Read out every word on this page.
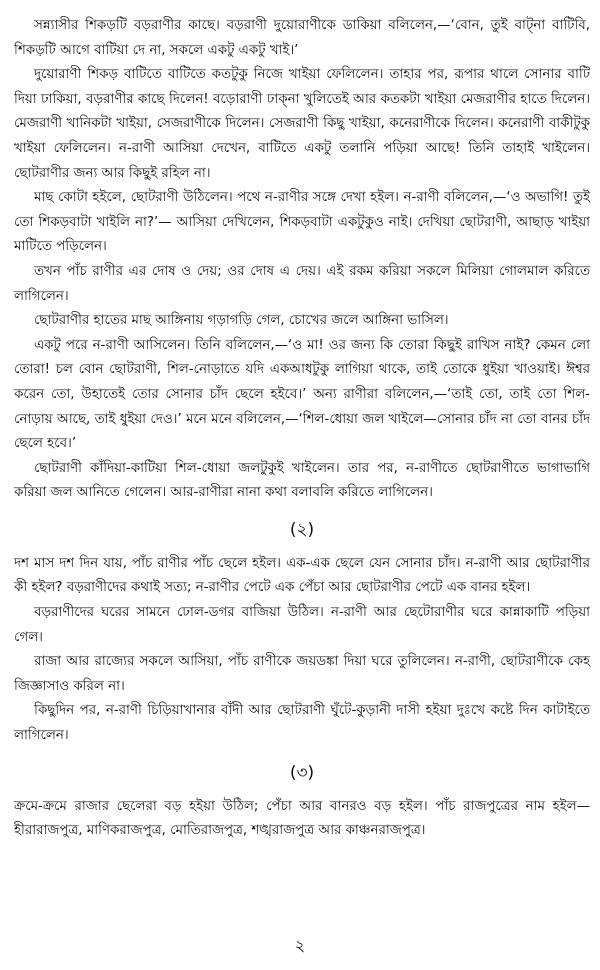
সন্ন্যাসীর শিকড়টি বড়রাণীর কাছে। বড়রাণী দুয়োরাণীকে ডাকিয়া বলিলেন,—‘বোন, তুই বাট্‌না বাটিবি, শিকড়টি আগে বাটিয়া দে না, সকলে একটু একটু খাই।’

দুয়োরাণী শিকড় বাটিতে বাটিতে কতটুকু নিজে খাইয়া ফেলিলেন। তাহার পর, রূপার থালে সোনার বাটি দিয়া ঢাকিয়া, বড়রাণীর কাছে দিলেন! বড়োরাণী ঢাক্‌না খুলিতেই আর কতকটা খাইয়া মেজরাণীর হাতে দিলেন। মেজরাণী খানিকটা খাইয়া, সেজরাণীকে দিলেন। সেজরাণী কিছু খাইয়া, কনেরাণীকে দিলেন। কনেরাণী বাকীটুকু খাইয়া ফেলিলেন। ন-রাণী আসিয়া দেখেন, বাটিতে একটু তলানি পড়িয়া আছে! তিনি তাহাই খাইলেন। ছোটরাণীর জন্য আর কিছুই রহিল না।

মাছ কোটা হইলে, ছোটরাণী উঠিলেন। পথে ন-রাণীর সঙ্গে দেখা হইল। ন-রাণী বলিলেন,—‘ও অভাগি! তুই তো শিকড়বাটা খাইলি না?’— আসিয়া দেখিলেন, শিকড়বাটা একটুকুও নাই। দেখিয়া ছোটরাণী, আছাড় খাইয়া মাটিতে পড়িলেন।

তখন পাঁচ রাণীর এর দোষ ও দেয়; ওর দোষ এ দেয়। এই রকম করিয়া সকলে মিলিয়া গোলমাল করিতে লাগিলেন।

ছোটরাণীর হাতের মাছ আঙ্গিনায় গড়াগড়ি গেল, চোখের জলে আঙ্গিনা ভাসিল।

একটু পরে ন-রাণী আসিলেন। তিনি বলিলেন,—‘ও মা! ওর জন্য কি তোরা কিছুই রাখিস নাই? কেমন লো তোরা! চল বোন ছোটরাণী, শিল-নোড়াতে যদি একআধটুকু লাগিয়া থাকে, তাই তোকে ধুইয়া খাওয়াই। ঈশ্বর করেন তো, উহাতেই তোর সোনার চাঁদ ছেলে হইবে।’ অন্য রাণীরা বলিলেন,—‘তাই তো, তাই তো শিল-নোড়ায় আছে, তাই ধুইয়া দেও।’ মনে মনে বলিলেন,—‘শিল-ধোয়া জল খাইলে—সোনার চাঁদ না তো বানর চাঁদ ছেলে হবে।’

ছোটরাণী কাঁদিয়া-কাটিয়া শিল-ধোয়া জলটুকুই খাইলেন। তার পর, ন-রাণীতে ছোটরাণীতে ভাগাভাগি করিয়া জল আনিতে গেলেন। আর-রাণীরা নানা কথা বলাবলি করিতে লাগিলেন।

(২)

দশ মাস দশ দিন যায়, পাঁচ রাণীর পাঁচ ছেলে হইল। এক-এক ছেলে যেন সোনার চাঁদ। ন-রাণী আর ছোটরাণীর কী হইল? বড়রাণীদের কথাই সত্য; ন-রাণীর পেটে এক পেঁচা আর ছোটরাণীর পেটে এক বানর হইল।

বড়রাণীদের ঘরের সামনে ঢোল-ডগর বাজিয়া উঠিল। ন-রাণী আর ছেটোরাণীর ঘরে কান্নাকাটি পড়িয়া গেল।

রাজা আর রাজ্যের সকলে আসিয়া, পাঁচ রাণীকে জয়ডঙ্কা দিয়া ঘরে তুলিলেন। ন-রাণী, ছোটরাণীকে কেহ জিজ্ঞাসাও করিল না।

কিছুদিন পর, ন-রাণী চিড়িয়াখানার বাঁদী আর ছোটরাণী ঘুঁটে-কুড়ানী দাসী হইয়া দুঃখে কষ্টে দিন কাটাইতে লাগিলেন।

(৩)

ক্রমে-ক্রমে রাজার ছেলেরা বড় হইয়া উঠিল; পেঁচা আর বানরও বড় হইল। পাঁচ রাজপুত্রের নাম হইল—হীরারাজপুত্র, মাণিকরাজপুত্র, মোতিরাজপুত্র, শঙ্খরাজপুত্র আর কাঞ্চনরাজপুত্র।

২
